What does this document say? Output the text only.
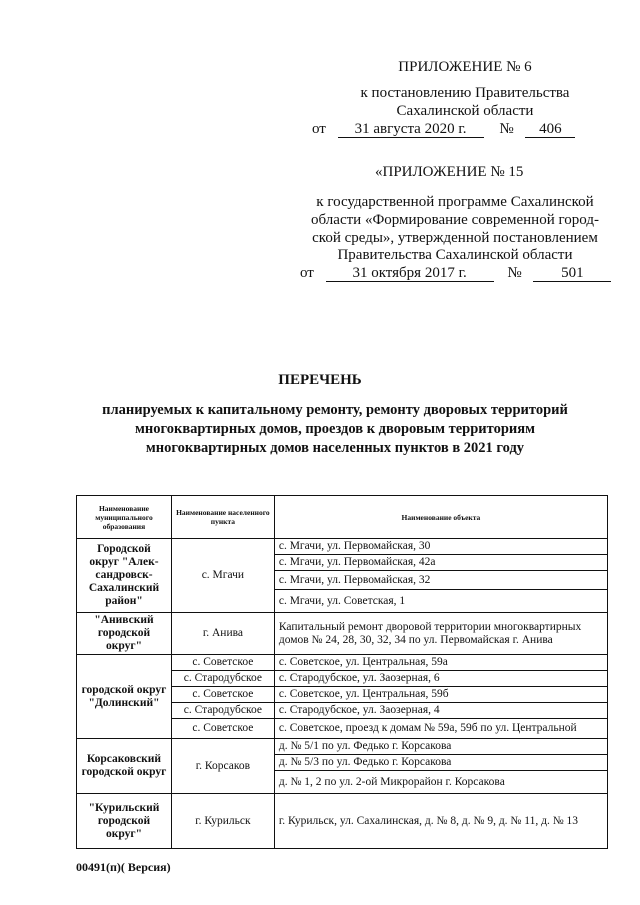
ПРИЛОЖЕНИЕ № 6
к постановлению Правительства
Сахалинской области
от 31 августа 2020 г. № 406
«ПРИЛОЖЕНИЕ № 15
к государственной программе Сахалинской
области «Формирование современной город-
ской среды», утвержденной постановлением
Правительства Сахалинской области
от	31 октября 2017 г.	№	501
ПЕРЕЧЕНЬ
планируемых к капитальному ремонту, ремонту дворовых территорий
многоквартирных домов, проездов к дворовым территориям
многоквартирных домов населенных пунктов в 2021 году
Наименование муниципального образования	Наименование населенного пункта	Наименование объекта
Городской округ "Алек-сандровск-Сахалинский район"	с. Мгачи	с. Мгачи, ул. Первомайская, 30
		с. Мгачи, ул. Первомайская, 42а
		с. Мгачи, ул. Первомайская, 32
		с. Мгачи, ул. Советская, 1
"Анивский городской округ"	г. Анива	Капитальный ремонт дворовой территории многоквартирных домов № 24, 28, 30, 32, 34 по ул. Первомайская г. Анива
городской округ "Долинский"	с. Советское	с. Советское, ул. Центральная, 59а
	с. Стародубское	с. Стародубское, ул. Заозерная, 6
	с. Советское	с. Советское, ул. Центральная, 59б
	с. Стародубское	с. Стародубское, ул. Заозерная, 4
	с. Советское	с. Советское, проезд к домам № 59а, 59б по ул. Центральной
Корсаковский городской округ	г. Корсаков	д. № 5/1 по ул. Федько г. Корсакова
		д. № 5/3 по ул. Федько г. Корсакова
		д. № 1, 2 по ул. 2-ой Микрорайон г. Корсакова
"Курильский городской округ"	г. Курильск	г. Курильск, ул. Сахалинская, д. № 8, д. № 9, д. № 11, д. № 13
00491(п)( Версия)
